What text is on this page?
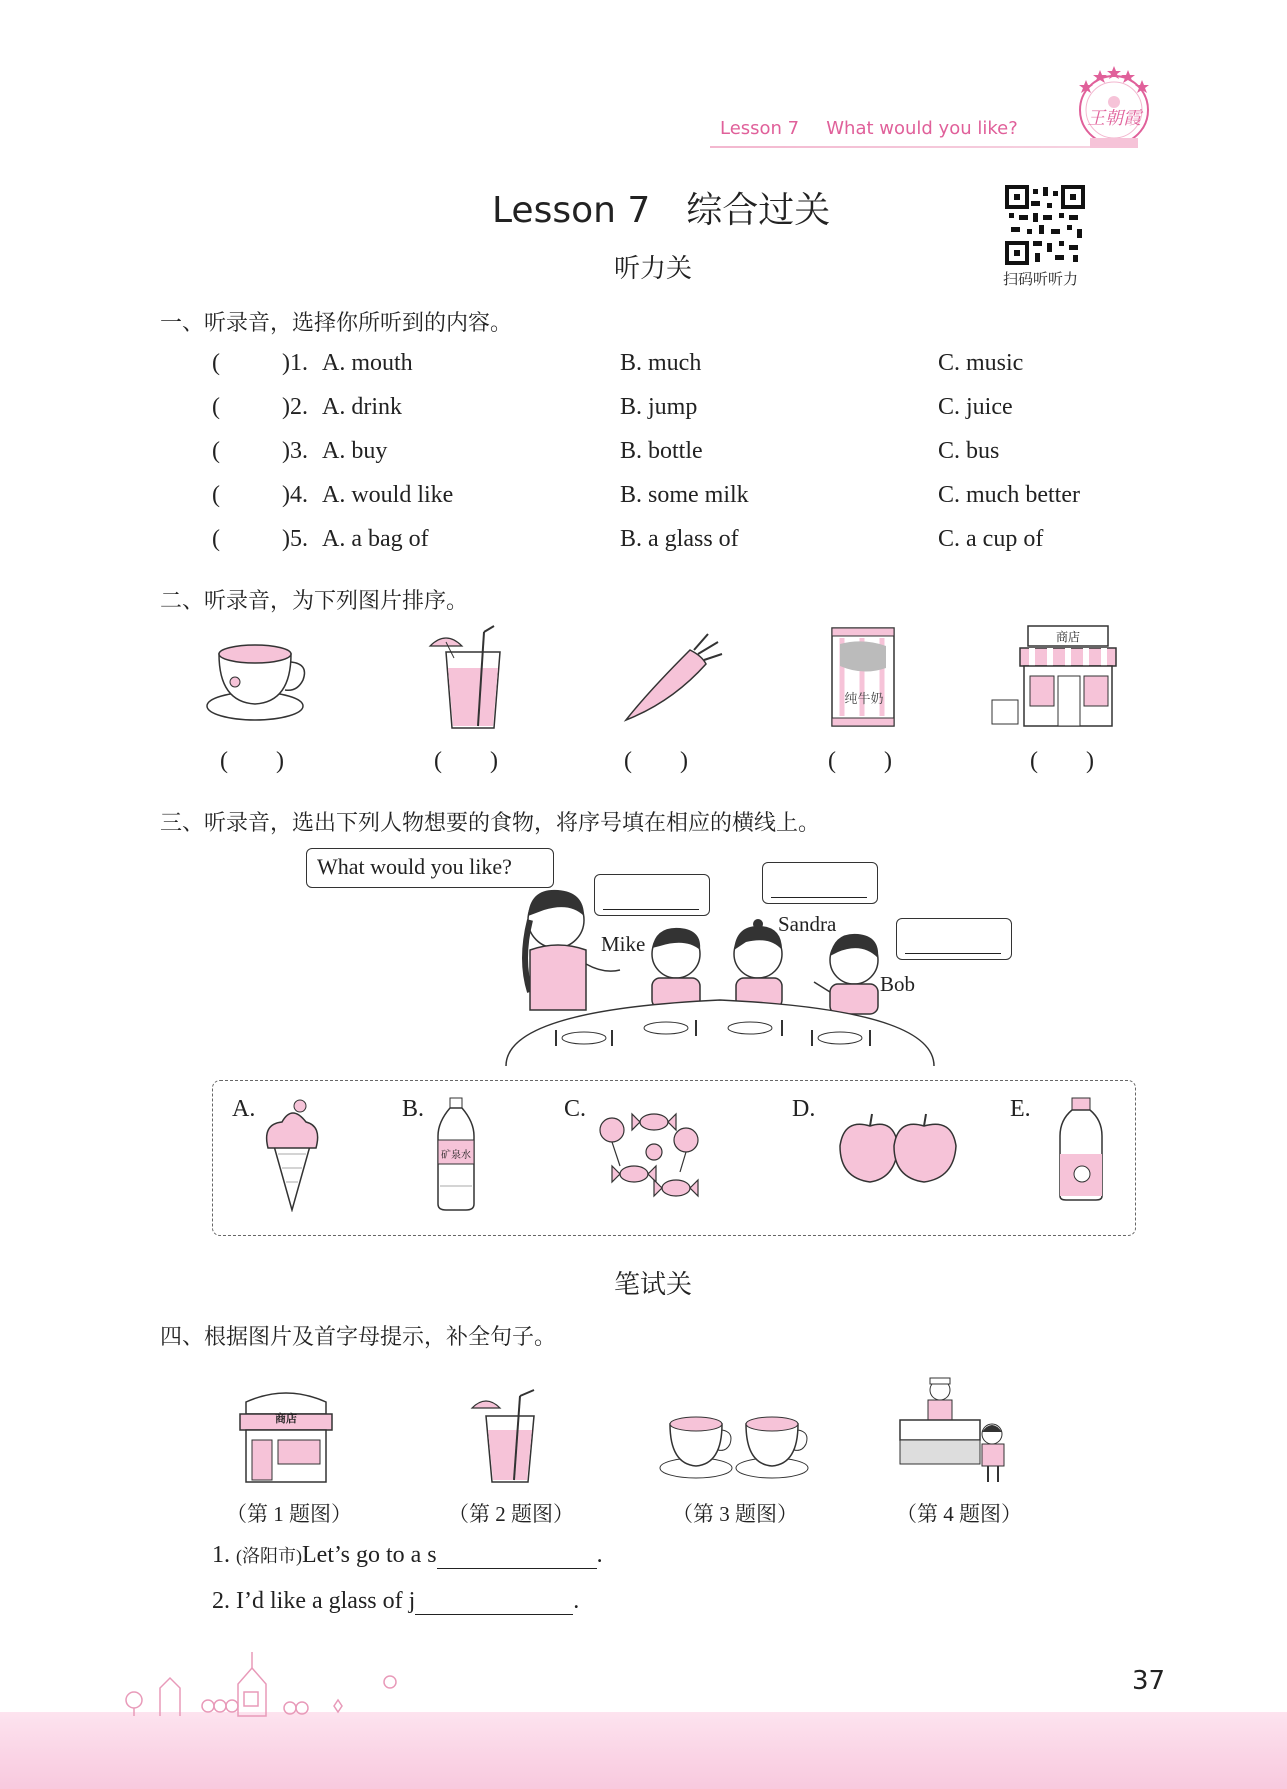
Lesson 7 What would you like?	王朝霞
Lesson 7　综合过关
扫码听听力
听力关
一、听录音，选择你所听到的内容。
(	)1. A. mouth	B. much	C. music
(	)2. A. drink	B. jump	C. juice
(	)3. A. buy	B. bottle	C. bus
(	)4. A. would like	B. some milk	C. much better
(	)5. A. a bag of	B. a glass of	C. a cup of
二、听录音，为下列图片排序。
纯牛奶
商店
(        )	(        )	(        )	(        )	(        )
三、听录音，选出下列人物想要的食物，将序号填在相应的横线上。
What would you like?
Mike
Sandra
Bob
A.	B.
矿泉水
C.	D.	E.
笔试关
四、根据图片及首字母提示，补全句子。
商店
（第 1 题图）	（第 2 题图）	（第 3 题图）	（第 4 题图）
1. (洛阳市)Let’s go to a s	.
2. I’d like a glass of j	.
37
